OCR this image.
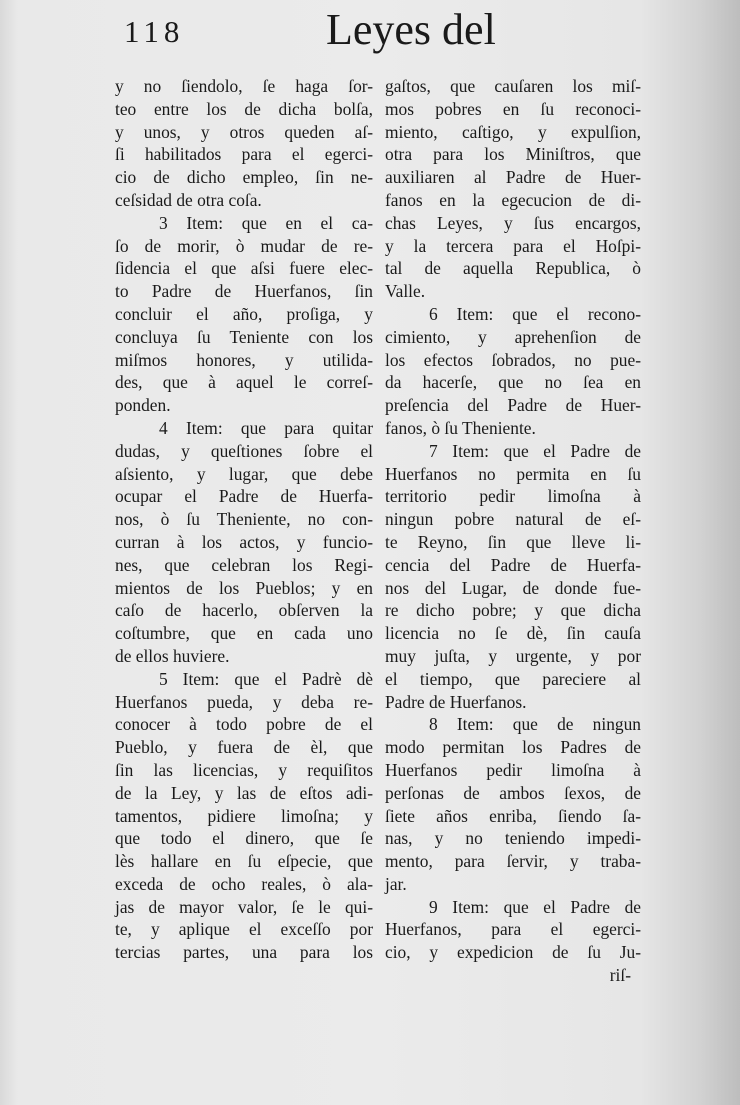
118	Leyes del
y no ſiendolo, ſe haga ſor-
teo entre los de dicha bolſa,
y unos, y otros queden aſ-
ſi habilitados para el egerci-
cio de dicho empleo, ſin ne-
ceſsidad de otra coſa.
3 Item: que en el ca-
ſo de morir, ò mudar de re-
ſidencia el que aſsi fuere elec-
to Padre de Huerfanos, ſin
concluir el año, proſiga, y
concluya ſu Teniente con los
miſmos honores, y utilida-
des, que à aquel le correſ-
ponden.
4 Item: que para quitar
dudas, y queſtiones ſobre el
aſsiento, y lugar, que debe
ocupar el Padre de Huerfa-
nos, ò ſu Theniente, no con-
curran à los actos, y funcio-
nes, que celebran los Regi-
mientos de los Pueblos; y en
caſo de hacerlo, obſerven la
coſtumbre, que en cada uno
de ellos huviere.
5 Item: que el Padrè dè
Huerfanos pueda, y deba re-
conocer à todo pobre de el
Pueblo, y fuera de èl, que
ſin las licencias, y requiſitos
de la Ley, y las de eſtos adi-
tamentos, pidiere limoſna; y
que todo el dinero, que ſe
lès hallare en ſu eſpecie, que
exceda de ocho reales, ò ala-
jas de mayor valor, ſe le qui-
te, y aplique el exceſſo por
tercias partes, una para los
gaſtos, que cauſaren los miſ-
mos pobres en ſu reconoci-
miento, caſtigo, y expulſion,
otra para los Miniſtros, que
auxiliaren al Padre de Huer-
fanos en la egecucion de di-
chas Leyes, y ſus encargos,
y la tercera para el Hoſpi-
tal de aquella Republica, ò
Valle.
6 Item: que el recono-
cimiento, y aprehenſion de
los efectos ſobrados, no pue-
da hacerſe, que no ſea en
preſencia del Padre de Huer-
fanos, ò ſu Theniente.
7 Item: que el Padre de
Huerfanos no permita en ſu
territorio pedir limoſna à
ningun pobre natural de eſ-
te Reyno, ſin que lleve li-
cencia del Padre de Huerfa-
nos del Lugar, de donde fue-
re dicho pobre; y que dicha
licencia no ſe dè, ſin cauſa
muy juſta, y urgente, y por
el tiempo, que pareciere al
Padre de Huerfanos.
8 Item: que de ningun
modo permitan los Padres de
Huerfanos pedir limoſna à
perſonas de ambos ſexos, de
ſiete años enriba, ſiendo ſa-
nas, y no teniendo impedi-
mento, para ſervir, y traba-
jar.
9 Item: que el Padre de
Huerfanos, para el egerci-
cio, y expedicion de ſu Ju-
riſ-
